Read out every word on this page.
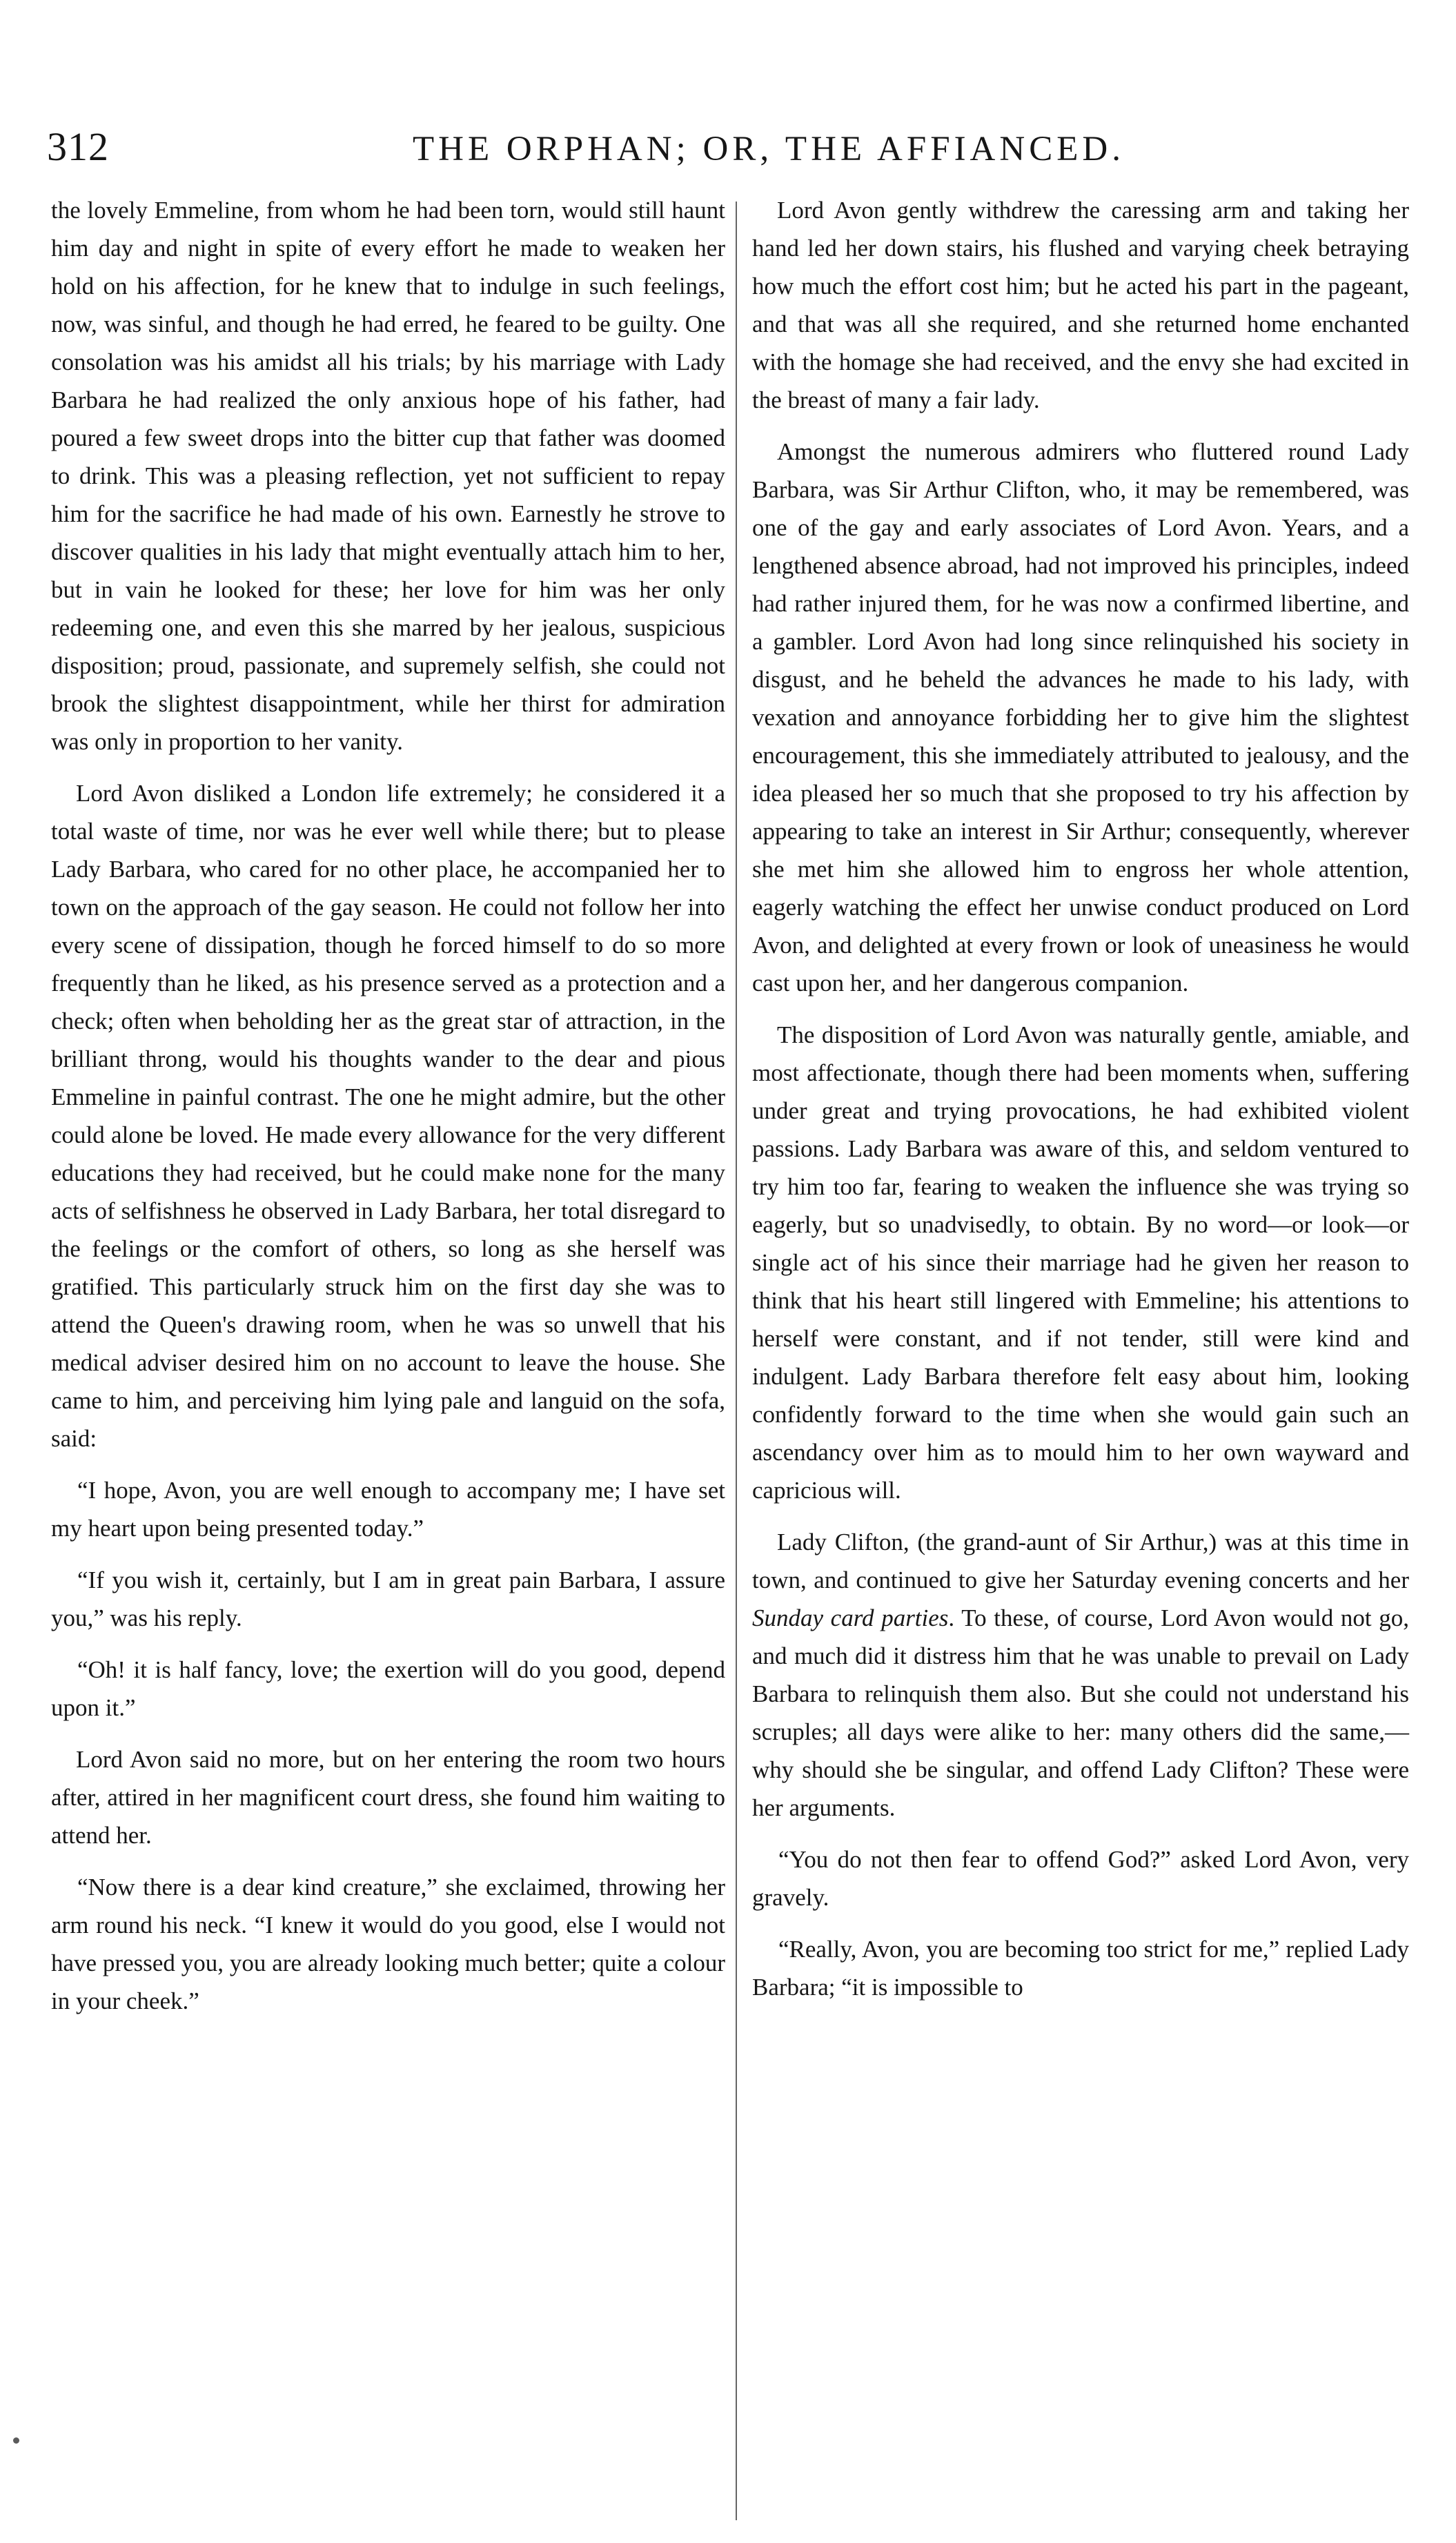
312	THE ORPHAN; OR, THE AFFIANCED.

the lovely Emmeline, from whom he had been torn, would still haunt him day and night in spite of every effort he made to weaken her hold on his affection, for he knew that to indulge in such feelings, now, was sinful, and though he had erred, he feared to be guilty. One consolation was his amidst all his trials; by his marriage with Lady Barbara he had realized the only anxious hope of his father, had poured a few sweet drops into the bitter cup that father was doomed to drink. This was a pleasing reflection, yet not sufficient to repay him for the sacrifice he had made of his own. Earnestly he strove to discover qualities in his lady that might eventually attach him to her, but in vain he looked for these; her love for him was her only redeeming one, and even this she marred by her jealous, suspicious disposition; proud, passionate, and supremely selfish, she could not brook the slightest disappointment, while her thirst for admiration was only in proportion to her vanity.

Lord Avon disliked a London life extremely; he considered it a total waste of time, nor was he ever well while there; but to please Lady Barbara, who cared for no other place, he accompanied her to town on the approach of the gay season. He could not follow her into every scene of dissipation, though he forced himself to do so more frequently than he liked, as his presence served as a protection and a check; often when beholding her as the great star of attraction, in the brilliant throng, would his thoughts wander to the dear and pious Emmeline in painful contrast. The one he might admire, but the other could alone be loved. He made every allowance for the very different educations they had received, but he could make none for the many acts of selfishness he observed in Lady Barbara, her total disregard to the feelings or the comfort of others, so long as she herself was gratified. This particularly struck him on the first day she was to attend the Queen's drawing room, when he was so unwell that his medical adviser desired him on no account to leave the house. She came to him, and perceiving him lying pale and languid on the sofa, said:

“I hope, Avon, you are well enough to accompany me; I have set my heart upon being presented today.”

“If you wish it, certainly, but I am in great pain Barbara, I assure you,” was his reply.

“Oh! it is half fancy, love; the exertion will do you good, depend upon it.”

Lord Avon said no more, but on her entering the room two hours after, attired in her magnificent court dress, she found him waiting to attend her.

“Now there is a dear kind creature,” she exclaimed, throwing her arm round his neck. “I knew it would do you good, else I would not have pressed you, you are already looking much better; quite a colour in your cheek.”

Lord Avon gently withdrew the caressing arm and taking her hand led her down stairs, his flushed and varying cheek betraying how much the effort cost him; but he acted his part in the pageant, and that was all she required, and she returned home enchanted with the homage she had received, and the envy she had excited in the breast of many a fair lady.

Amongst the numerous admirers who fluttered round Lady Barbara, was Sir Arthur Clifton, who, it may be remembered, was one of the gay and early associates of Lord Avon. Years, and a lengthened absence abroad, had not improved his principles, indeed had rather injured them, for he was now a confirmed libertine, and a gambler. Lord Avon had long since relinquished his society in disgust, and he beheld the advances he made to his lady, with vexation and annoyance forbidding her to give him the slightest encouragement, this she immediately attributed to jealousy, and the idea pleased her so much that she proposed to try his affection by appearing to take an interest in Sir Arthur; consequently, wherever she met him she allowed him to engross her whole attention, eagerly watching the effect her unwise conduct produced on Lord Avon, and delighted at every frown or look of uneasiness he would cast upon her, and her dangerous companion.

The disposition of Lord Avon was naturally gentle, amiable, and most affectionate, though there had been moments when, suffering under great and trying provocations, he had exhibited violent passions. Lady Barbara was aware of this, and seldom ventured to try him too far, fearing to weaken the influence she was trying so eagerly, but so unadvisedly, to obtain. By no word—or look—or single act of his since their marriage had he given her reason to think that his heart still lingered with Emmeline; his attentions to herself were constant, and if not tender, still were kind and indulgent. Lady Barbara therefore felt easy about him, looking confidently forward to the time when she would gain such an ascendancy over him as to mould him to her own wayward and capricious will.

Lady Clifton, (the grand-aunt of Sir Arthur,) was at this time in town, and continued to give her Saturday evening concerts and her Sunday card parties. To these, of course, Lord Avon would not go, and much did it distress him that he was unable to prevail on Lady Barbara to relinquish them also. But she could not understand his scruples; all days were alike to her: many others did the same,—why should she be singular, and offend Lady Clifton? These were her arguments.

“You do not then fear to offend God?” asked Lord Avon, very gravely.

“Really, Avon, you are becoming too strict for me,” replied Lady Barbara; “it is impossible to
